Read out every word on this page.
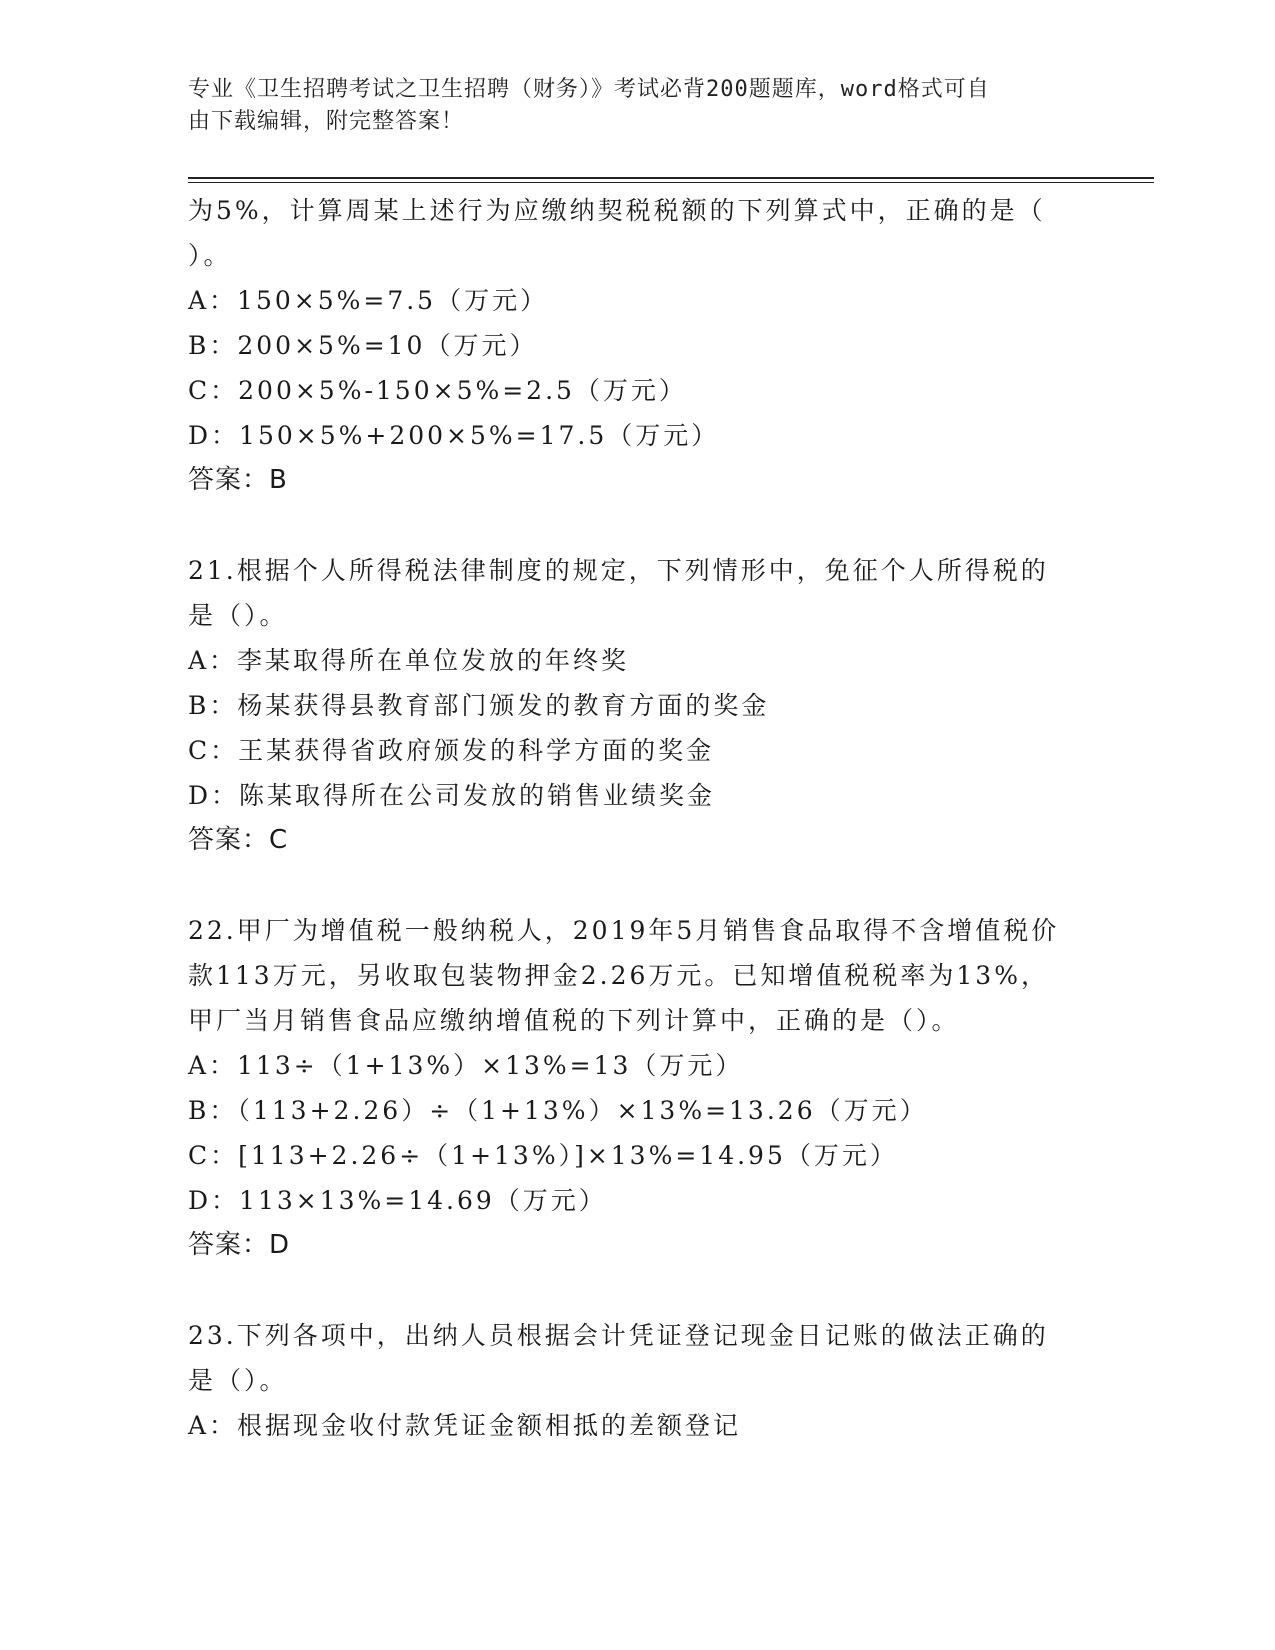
专业《卫生招聘考试之卫生招聘（财务）》考试必背200题题库，word格式可自
由下载编辑，附完整答案！
为5%，计算周某上述行为应缴纳契税税额的下列算式中，正确的是（
）。
A：150×5%=7.5（万元）
B：200×5%=10（万元）
C：200×5%-150×5%=2.5（万元）
D：150×5%+200×5%=17.5（万元）
答案：B
21.根据个人所得税法律制度的规定，下列情形中，免征个人所得税的
是（）。
A：李某取得所在单位发放的年终奖
B：杨某获得县教育部门颁发的教育方面的奖金
C：王某获得省政府颁发的科学方面的奖金
D：陈某取得所在公司发放的销售业绩奖金
答案：C
22.甲厂为增值税一般纳税人，2019年5月销售食品取得不含增值税价
款113万元，另收取包装物押金2.26万元。已知增值税税率为13%，
甲厂当月销售食品应缴纳增值税的下列计算中，正确的是（）。
A：113÷（1+13%）×13%=13（万元）
B：（113+2.26）÷（1+13%）×13%=13.26（万元）
C：[113+2.26÷（1+13%）]×13%=14.95（万元）
D：113×13%=14.69（万元）
答案：D
23.下列各项中，出纳人员根据会计凭证登记现金日记账的做法正确的
是（）。
A：根据现金收付款凭证金额相抵的差额登记
